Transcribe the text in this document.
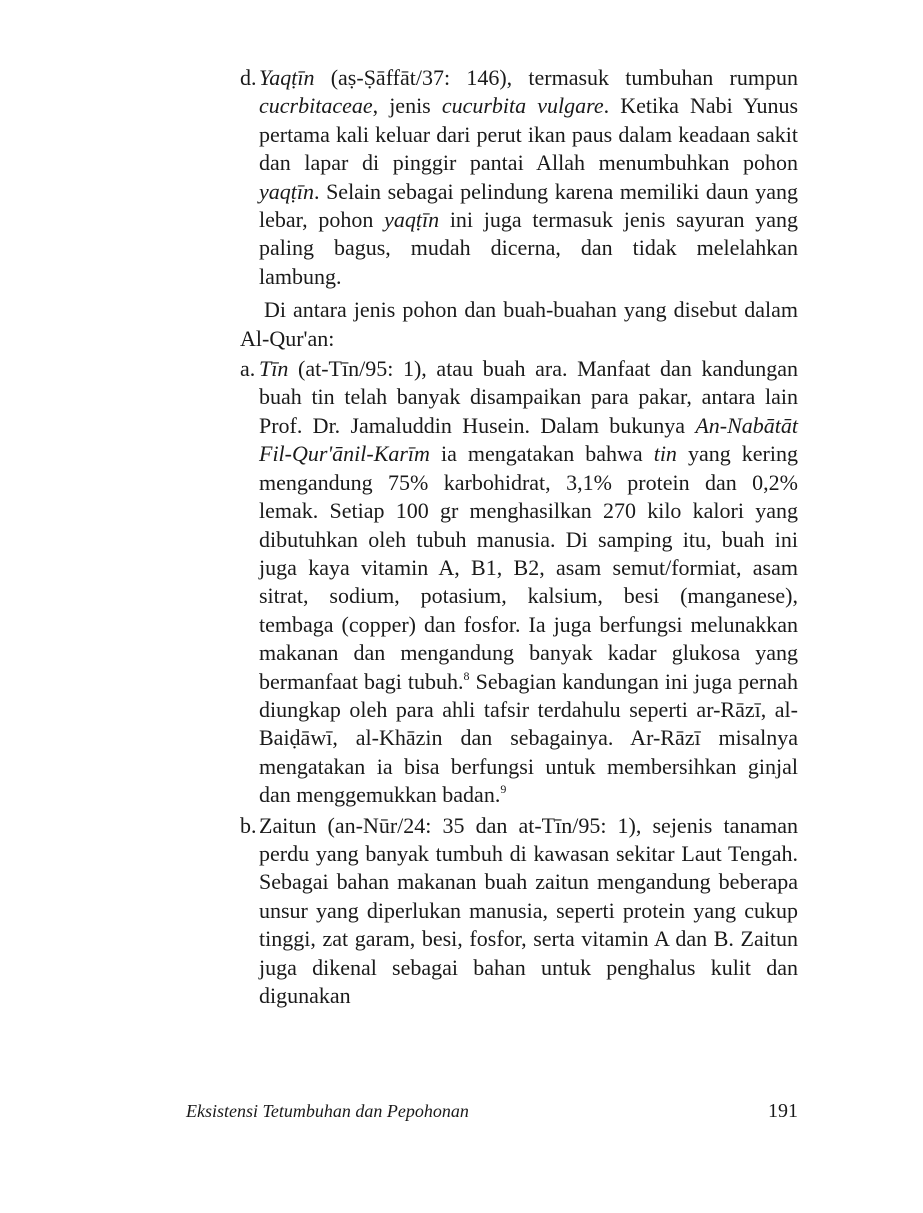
d. Yaqṭīn (aṣ-Ṣāffāt/37: 146), termasuk tumbuhan rumpun cucrbitaceae, jenis cucurbita vulgare. Ketika Nabi Yunus pertama kali keluar dari perut ikan paus dalam keadaan sakit dan lapar di pinggir pantai Allah menumbuhkan pohon yaqṭīn. Selain sebagai pelindung karena memiliki daun yang lebar, pohon yaqṭīn ini juga termasuk jenis sayuran yang paling bagus, mudah dicerna, dan tidak melelahkan lambung.

Di antara jenis pohon dan buah-buahan yang disebut dalam Al-Qur'an:

a. Tīn (at-Tīn/95: 1), atau buah ara. Manfaat dan kandungan buah tin telah banyak disampaikan para pakar, antara lain Prof. Dr. Jamaluddin Husein. Dalam bukunya An-Nabātāt Fil-Qur'ānil-Karīm ia mengatakan bahwa tin yang kering mengandung 75% karbohidrat, 3,1% protein dan 0,2% lemak. Setiap 100 gr menghasilkan 270 kilo kalori yang dibutuhkan oleh tubuh manusia. Di samping itu, buah ini juga kaya vitamin A, B1, B2, asam semut/formiat, asam sitrat, sodium, potasium, kalsium, besi (manganese), tembaga (copper) dan fosfor. Ia juga berfungsi melunakkan makanan dan mengandung banyak kadar glukosa yang bermanfaat bagi tubuh.$^8$ Sebagian kandungan ini juga pernah diungkap oleh para ahli tafsir terdahulu seperti ar-Rāzī, al-Baiḍāwī, al-Khāzin dan sebagainya. Ar-Rāzī misalnya mengatakan ia bisa berfungsi untuk membersihkan ginjal dan menggemukkan badan.$^9$

b. Zaitun (an-Nūr/24: 35 dan at-Tīn/95: 1), sejenis tanaman perdu yang banyak tumbuh di kawasan sekitar Laut Tengah. Sebagai bahan makanan buah zaitun mengandung beberapa unsur yang diperlukan manusia, seperti protein yang cukup tinggi, zat garam, besi, fosfor, serta vitamin A dan B. Zaitun juga dikenal sebagai bahan untuk penghalus kulit dan digunakan

Eksistensi Tetumbuhan dan Pepohonan	191
